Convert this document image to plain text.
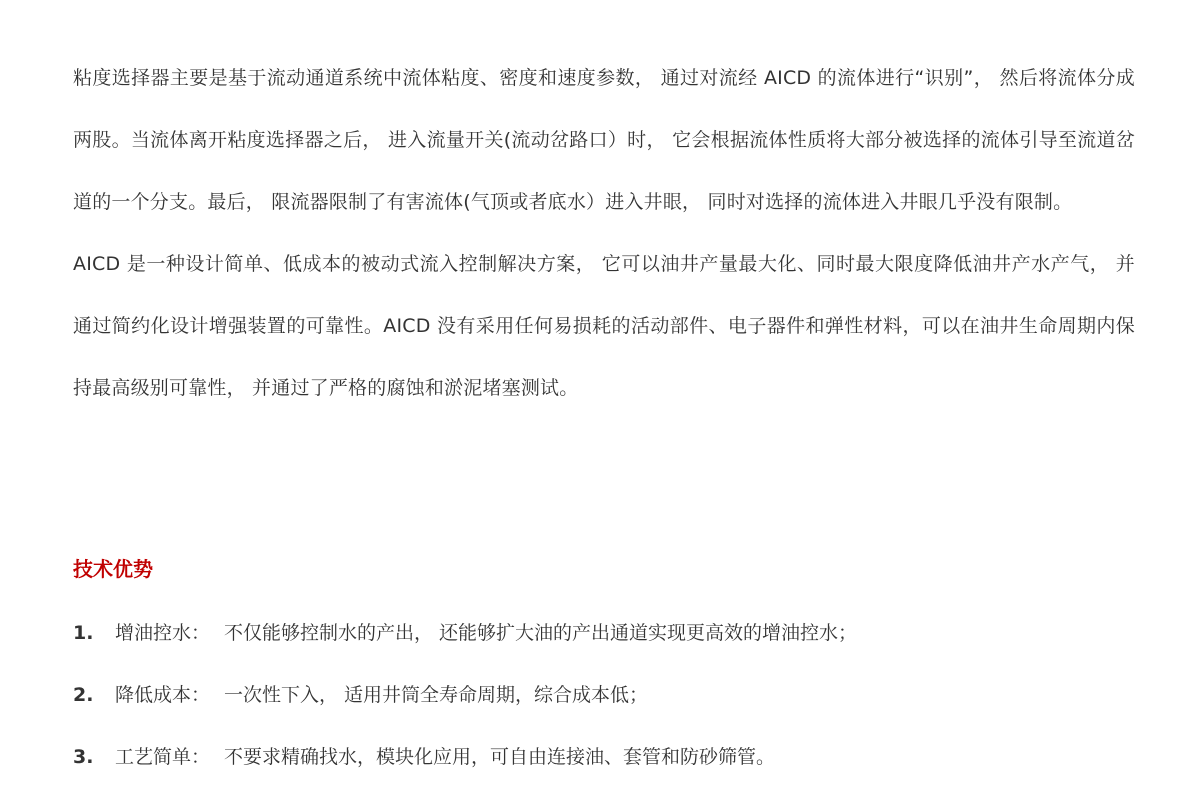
粘度选择器主要是基于流动通道系统中流体粘度、密度和速度参数， 通过对流经 AICD 的流体进行“识别”， 然后将流体分成两股。当流体离开粘度选择器之后， 进入流量开关(流动岔路口）时， 它会根据流体性质将大部分被选择的流体引导至流道岔道的一个分支。最后， 限流器限制了有害流体(气顶或者底水）进入井眼， 同时对选择的流体进入井眼几乎没有限制。

AICD 是一种设计简单、低成本的被动式流入控制解决方案， 它可以油井产量最大化、同时最大限度降低油井产水产气， 并通过简约化设计增强装置的可靠性。AICD 没有采用任何易损耗的活动部件、电子器件和弹性材料，可以在油井生命周期内保持最高级别可靠性， 并通过了严格的腐蚀和淤泥堵塞测试。

技术优势
1. 增油控水： 不仅能够控制水的产出， 还能够扩大油的产出通道实现更高效的增油控水；
2. 降低成本： 一次性下入， 适用井筒全寿命周期，综合成本低；
3. 工艺简单： 不要求精确找水，模块化应用，可自由连接油、套管和防砂筛管。
